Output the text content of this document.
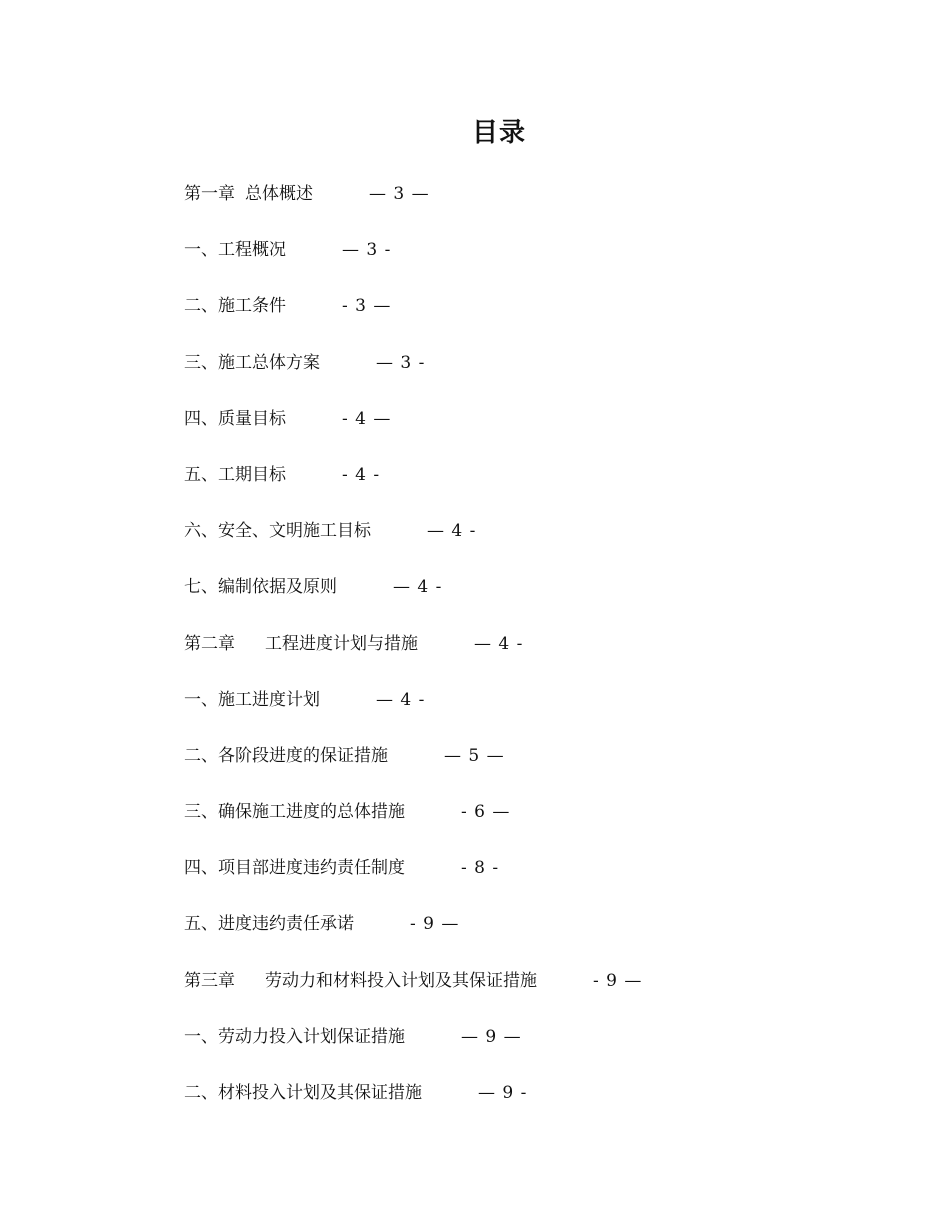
目录
第一章 总体概述	— 3 —
一、工程概况	— 3 -
二、施工条件	- 3 —
三、施工总体方案	— 3 -
四、质量目标	- 4 —
五、工期目标	- 4 -
六、安全、文明施工目标	— 4 -
七、编制依据及原则	— 4 -
第二章 工程进度计划与措施	— 4 -
一、施工进度计划	— 4 -
二、各阶段进度的保证措施	— 5 —
三、确保施工进度的总体措施	- 6 —
四、项目部进度违约责任制度	- 8 -
五、进度违约责任承诺	- 9 —
第三章 劳动力和材料投入计划及其保证措施	- 9 —
一、劳动力投入计划保证措施	— 9 —
二、材料投入计划及其保证措施	— 9 -
